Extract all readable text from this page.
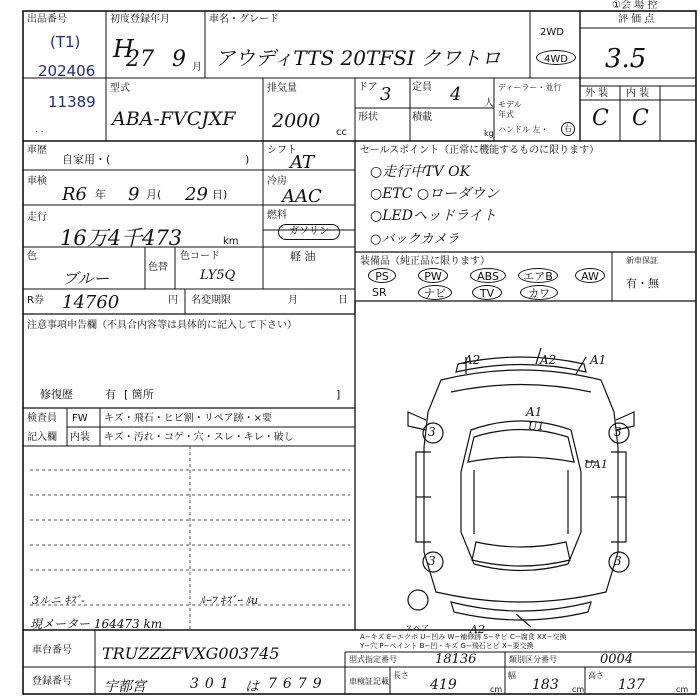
①会 場 控
出品番号
(T1)
202406
11389
. .
初度登録年月
H
27 9 月
車名・グレード
アウディTTS 20TFSI クワトロ
2WD
4WD
評 価 点
3.5
型式
ABA-FVCJXF
排気量
2000
cc
ドア 3 定員 4 人
形状	積載
kg
ディーラー・並行
モデル
年式
ハンドル 左・	右
外 装 内 装
C C
車歴
自家用・(	)
シフト
AT
車検
R6 年 9 月( 29 日)
冷房
AAC
走行
16万4千473	km
燃料
ガソリン
軽 油
色
ブルー
色替
色コード
LY5Q
R券 14760	円 名変期限	月	日
セールスポイント（正常に機能するものに限ります）
○走行中TV OK
○ETC ○ローダウン
○LEDヘッドライト
○バックカメラ
装備品（純正品に限ります）
PS	PW	ABS	エアB	AW
SR	ナビ	TV	カワ
新車保証
有・無
注意事項申告欄（不具合内容等は具体的に記入して下さい）
修復歴	有 [ 箇所	]
検査員
記入欄
FW
内装
キズ・飛石・ヒビ割・リペア跡・×要
キズ・汚れ・コゲ・穴・スレ・キレ・破し
3ルニ ｷｽﾞ-	ﾙｰﾌ ｷｽﾞｰ ﾙu
現メーター 164473 km
A2	A2	A1
A1
U1
UA1
A2
スペア
3	3
3	3
A−キズ E−エクボ U−凹み W−補修跡 S−サビ C−腐食 XX−交換
Y−穴 P−ペイント B−凹・キズ G−飛石ヒビ X−要交換
車台番号 TRUZZZFVXG003745	型式指定番号	18136	類別区分番号	0004
登録番号 宇都宮	301 は 7679	車検証記載
長さ
419	cm
幅
183 cm
高さ
137	cm
